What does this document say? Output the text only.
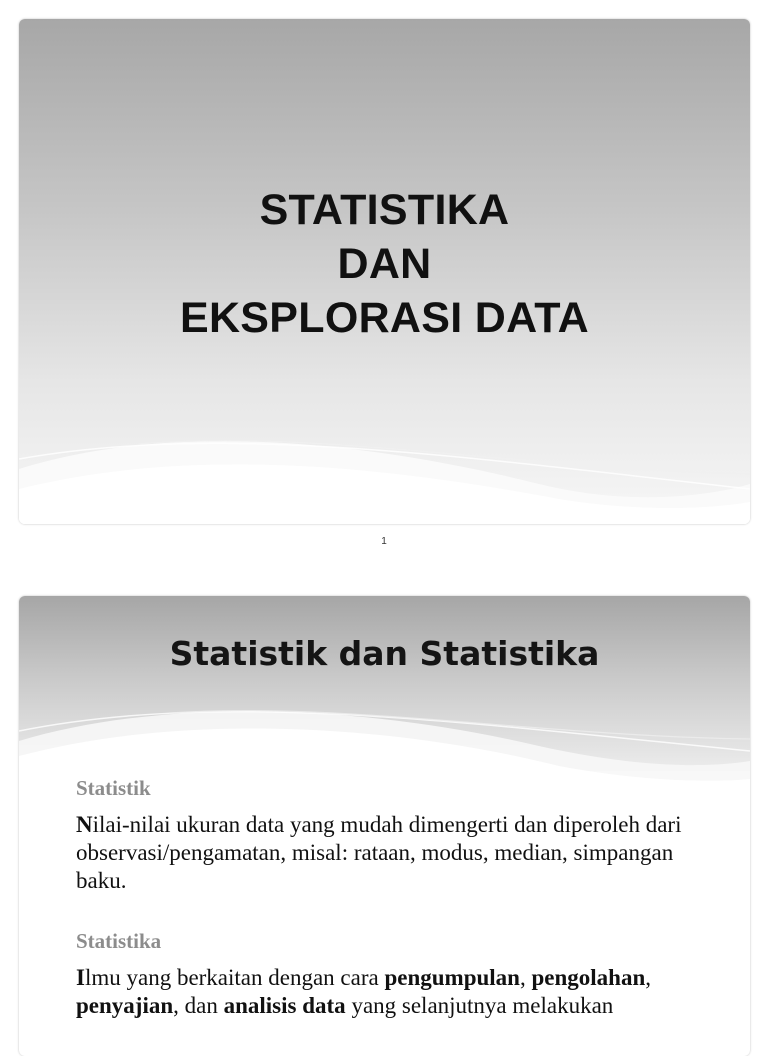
STATISTIKA
DAN
EKSPLORASI DATA
1
Statistik dan Statistika

Statistik

Nilai-nilai ukuran data yang mudah dimengerti dan diperoleh dari observasi/pengamatan, misal: rataan, modus, median, simpangan baku.

Statistika

Ilmu yang berkaitan dengan cara pengumpulan, pengolahan, penyajian, dan analisis data yang selanjutnya melakukan
